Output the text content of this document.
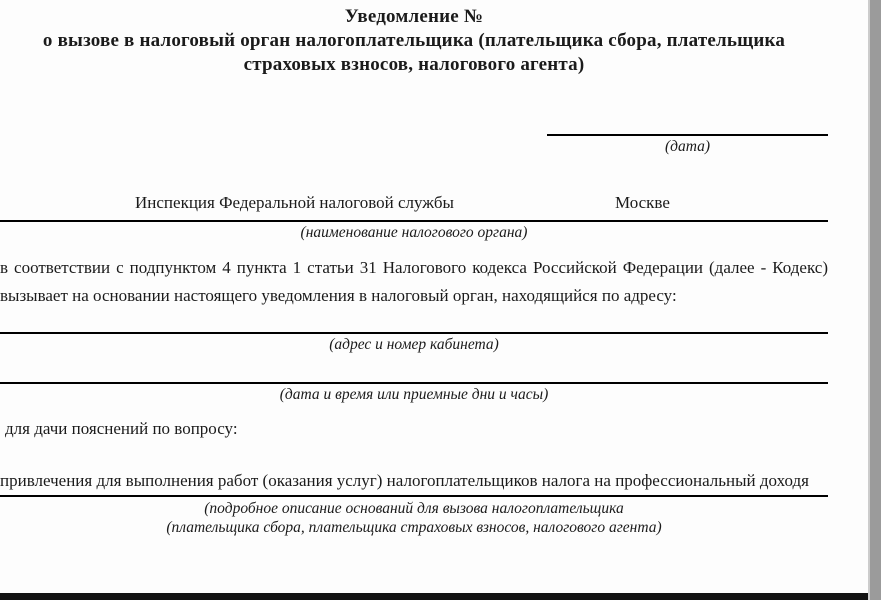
Уведомление №
о вызове в налоговый орган налогоплательщика (плательщика сбора, плательщика
страховых взносов, налогового агента)
(дата)
Инспекция Федеральной налоговой службы	Москве
(наименование налогового органа)
в соответствии с подпунктом 4 пункта 1 статьи 31 Налогового кодекса Российской Федерации (далее - Кодекс) вызывает на основании настоящего уведомления в налоговый орган, находящийся по адресу:
(адрес и номер кабинета)
(дата и время или приемные дни и часы)
для дачи пояснений по вопросу:
привлечения для выполнения работ (оказания услуг) налогоплательщиков налога на профессиональный доходя
(подробное описание оснований для вызова налогоплательщика
(плательщика сбора, плательщика страховых взносов, налогового агента)
